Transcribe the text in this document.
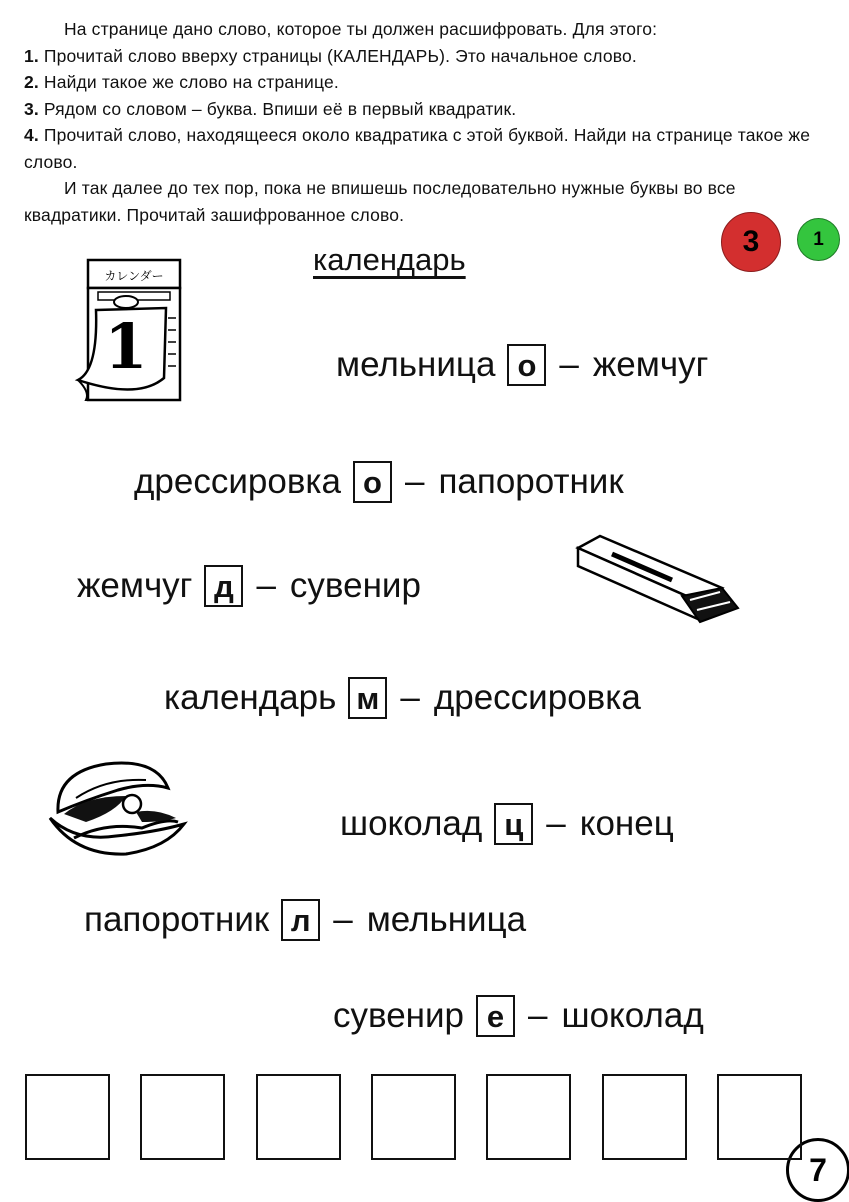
На странице дано слово, которое ты должен расшифровать. Для этого:

1. Прочитай слово вверху страницы (КАЛЕНДАРЬ). Это начальное слово.

2. Найди такое же слово на странице.

3. Рядом со словом – буква. Впиши её в первый квадратик.

4. Прочитай слово, находящееся около квадратика с этой буквой. Найди на странице такое же слово.

И так далее до тех пор, пока не впишешь последовательно нужные буквы во все квадратики. Прочитай зашифрованное слово.

3	1
7
календарь
カレンダー
1	мельница о – жемчуг
дрессировка о – папоротник
жемчуг д – сувенир
календарь м – дрессировка
шоколад ц – конец
папоротник л – мельница
сувенир е – шоколад
